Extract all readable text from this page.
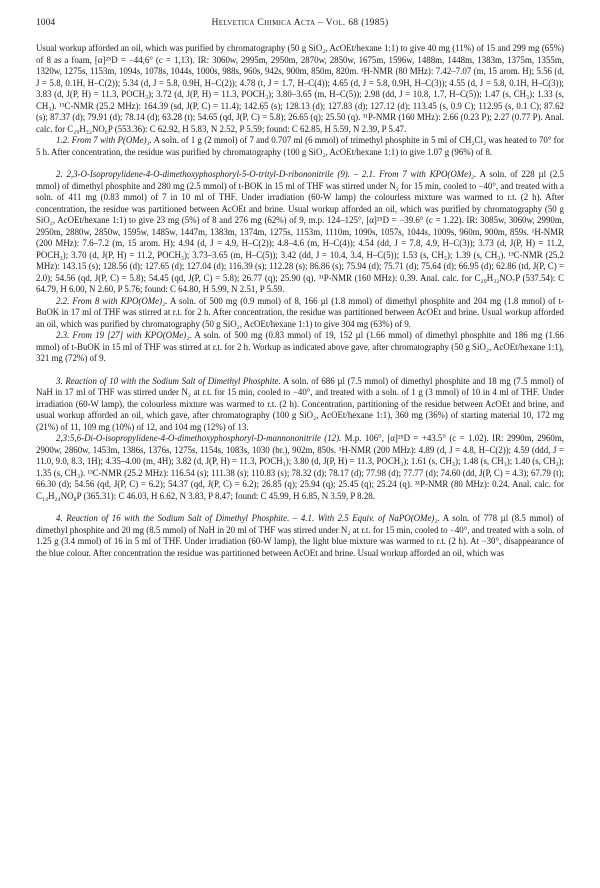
1004	Helvetica Chimica Acta – Vol. 68 (1985)

Usual workup afforded an oil, which was purified by chromatography (50 g SiO₂, AcOEt/hexane 1:1) to give 40 mg (11%) of 15 and 299 mg (65%) of 8 as a foam, [α]²⁵D = −44,6° (c = 1,13). IR: 3060w, 2995m, 2950m, 2870w, 2850w, 1675m, 1596w, 1488m, 1448m, 1383m, 1375m, 1355m, 1320w, 1275s, 1153m, 1094s, 1078s, 1044s, 1000s, 988s, 960s, 942s, 900m, 850m, 820m. ¹H-NMR (80 MHz): 7.42–7.07 (m, 15 arom. H); 5.56 (d, J = 5.8, 0.1H, H–C(2)); 5.34 (d, J = 5.8, 0.9H, H–C(2)); 4.78 (t, J = 1.7, H–C(4)); 4.65 (d, J = 5.8, 0.9H, H–C(3)); 4.55 (d, J = 5.8, 0.1H, H–C(3)); 3.83 (d, J(P, H) = 11.3, POCH₃); 3.72 (d, J(P, H) = 11.3, POCH₃); 3.80–3.65 (m, H–C(5)); 2.98 (dd, J = 10.8, 1.7, H–C(5)); 1.47 (s, CH₃); 1.33 (s, CH₃). ¹³C-NMR (25.2 MHz): 164.39 (sd, J(P, C) = 11.4); 142.65 (s); 128.13 (d); 127.83 (d); 127.12 (d); 113.45 (s, 0.9 C); 112.95 (s, 0.1 C); 87.62 (s); 87.37 (d); 79.91 (d); 78.14 (d); 63.28 (t); 54.65 (qd, J(P, C) = 5.8); 26.65 (q); 25.50 (q). ³¹P-NMR (160 MHz): 2.66 (0.23 P); 2.27 (0.77 P). Anal. calc. for C₂₉H₃₂NO₆P (553.36): C 62.92, H 5.83, N 2.52, P 5.59; found: C 62.85, H 5.59, N 2.39, P 5.47.

1.2. From 7 with P(OMe)₃. A soln. of 1 g (2 mmol) of 7 and 0.707 ml (6 mmol) of trimethyl phosphite in 5 ml of CH₂Cl₂ was heated to 70° for 5 h. After concentration, the residue was purified by chromatography (100 g SiO₂, AcOEt/hexane 1:1) to give 1.07 g (96%) of 8.

2. 2,3-O-Isopropylidene-4-O-dimethoxyphosphoryl-5-O-trityl-D-ribononitrile (9). – 2.1. From 7 with KPO(OMe)₂. A soln. of 228 µl (2.5 mmol) of dimethyl phosphite and 280 mg (2.5 mmol) of t-BOK in 15 ml of THF was stirred under N₂ for 15 min, cooled to −40°, and treated with a soln. of 411 mg (0.83 mmol) of 7 in 10 ml of THF. Under irradiation (60-W lamp) the colourless mixture was warmed to r.t. (2 h). After concentration, the residue was partitioned between AcOEt and brine. Usual workup afforded an oil, which was purified by chromatography (50 g SiO₂, AcOEt/hexane 1:1) to give 23 mg (5%) of 8 and 276 mg (62%) of 9, m.p. 124–125°, [α]²⁵D = −39.6° (c = 1.22). IR: 3085w, 3060w, 2990m, 2950m, 2880w, 2850w, 1595w, 1485w, 1447m, 1383m, 1374m, 1275s, 1153m, 1110m, 1090s, 1057s, 1044s, 1009s, 960m, 900m, 859s. ¹H-NMR (200 MHz): 7.6–7.2 (m, 15 arom. H); 4.94 (d, J = 4.9, H–C(2)); 4.8–4.6 (m, H–C(4)); 4.54 (dd, J = 7.8, 4.9, H–C(3)); 3.73 (d, J(P, H) = 11.2, POCH₃); 3.70 (d, J(P, H) = 11.2, POCH₃); 3.73–3.65 (m, H–C(5)); 3.42 (dd, J = 10.4, 3.4, H–C(5)); 1.53 (s, CH₃); 1.39 (s, CH₃). ¹³C-NMR (25.2 MHz): 143.15 (s); 128.56 (d); 127.65 (d); 127.04 (d); 116.39 (s); 112.28 (s); 86.86 (s); 75.94 (d); 75.71 (d); 75.64 (d); 66.95 (d); 62.86 (td, J(P, C) = 2.0); 54.56 (qd, J(P, C) = 5.8); 54.45 (qd, J(P, C) = 5.8); 26.77 (q); 25.90 (q). ³¹P-NMR (160 MHz): 0.39. Anal. calc. for C₂₉H₃₂NO₇P (537.54): C 64.79, H 6.00, N 2.60, P 5.76; found: C 64.80, H 5.99, N 2.51, P 5.59.

2.2. From 8 with KPO(OMe)₂. A soln. of 500 mg (0.9 mmol) of 8, 166 µl (1.8 mmol) of dimethyl phosphite and 204 mg (1.8 mmol) of t-BuOK in 17 ml of THF was stirred at r.t. for 2 h. After concentration, the residue was partitioned between AcOEt and brine. Usual workup afforded an oil, which was purified by chromatography (50 g SiO₂, AcOEt/hexane 1:1) to give 304 mg (63%) of 9.

2.3. From 19 [27] with KPO(OMe)₂. A soln. of 500 mg (0.83 mmol) of 19, 152 µl (1.66 mmol) of dimethyl phosphite and 186 mg (1.66 mmol) of t-BuOK in 15 ml of THF was stirred at r.t. for 2 h. Workup as indicated above gave, after chromatography (50 g SiO₂, AcOEt/hexane 1:1), 321 mg (72%) of 9.

3. Reaction of 10 with the Sodium Salt of Dimethyl Phosphite. A soln. of 686 µl (7.5 mmol) of dimethyl phosphite and 18 mg (7.5 mmol) of NaH in 17 ml of THF was stirred under N₂ at r.t. for 15 min, cooled to −40°, and treated with a soln. of 1 g (3 mmol) of 10 in 4 ml of THF. Under irradiation (60-W lamp), the colourless mixture was warmed to r.t. (2 h). Concentration, partitioning of the residue between AcOEt and brine, and usual workup afforded an oil, which gave, after chromatography (100 g SiO₂, AcOEt/hexane 1:1), 360 mg (36%) of starting material 10, 172 mg (21%) of 11, 109 mg (10%) of 12, and 104 mg (12%) of 13.

2,3:5,6-Di-O-isopropylidene-4-O-dimethoxyphosphoryl-D-mannononitrile (12). M.p. 106°, [α]²⁵D = +43.5° (c = 1.02). IR: 2990m, 2960m, 2900w, 2860w, 1453m, 1386s, 1376s, 1275s, 1154s, 1083s, 1030 (br.), 902m, 850s. ¹H-NMR (200 MHz): 4.89 (d, J = 4.8, H–C(2)); 4.59 (ddd, J = 11.0, 9.0, 8.3, 1H); 4.35–4.00 (m, 4H); 3.82 (d, J(P, H) = 11.3, POCH₃); 3.80 (d, J(P, H) = 11.3, POCH₃); 1.61 (s, CH₃); 1.48 (s, CH₃); 1.40 (s, CH₃); 1.35 (s, CH₃). ¹³C-NMR (25.2 MHz): 116.54 (s); 111.38 (s); 110.83 (s); 78.32 (d); 78.17 (d); 77.98 (d); 77.77 (d); 74.60 (dd, J(P, C) = 4.3); 67.79 (t); 66.30 (d); 54.56 (qd, J(P, C) = 6.2); 54.37 (qd, J(P, C) = 6.2); 26.85 (q); 25.94 (q); 25.45 (q); 25.24 (q). ³¹P-NMR (80 MHz): 0.24. Anal. calc. for C₁₄H₂₄NO₈P (365.31): C 46.03, H 6.62, N 3.83, P 8.47; found: C 45.99, H 6.85, N 3.59, P 8.28.

4. Reaction of 16 with the Sodium Salt of Dimethyl Phosphite. – 4.1. With 2.5 Equiv. of NaPO(OMe)₂. A soln. of 778 µl (8.5 mmol) of dimethyl phosphite and 20 mg (8.5 mmol) of NaH in 20 ml of THF was stirred under N₂ at r.t. for 15 min, cooled to −40°, and treated with a soln. of 1.25 g (3.4 mmol) of 16 in 5 ml of THF. Under irradiation (60-W lamp), the light blue mixture was warmed to r.t. (2 h). At −30°, disappearance of the blue colour. After concentration the residue was partitioned between AcOEt and brine. Usual workup afforded an oil, which was
